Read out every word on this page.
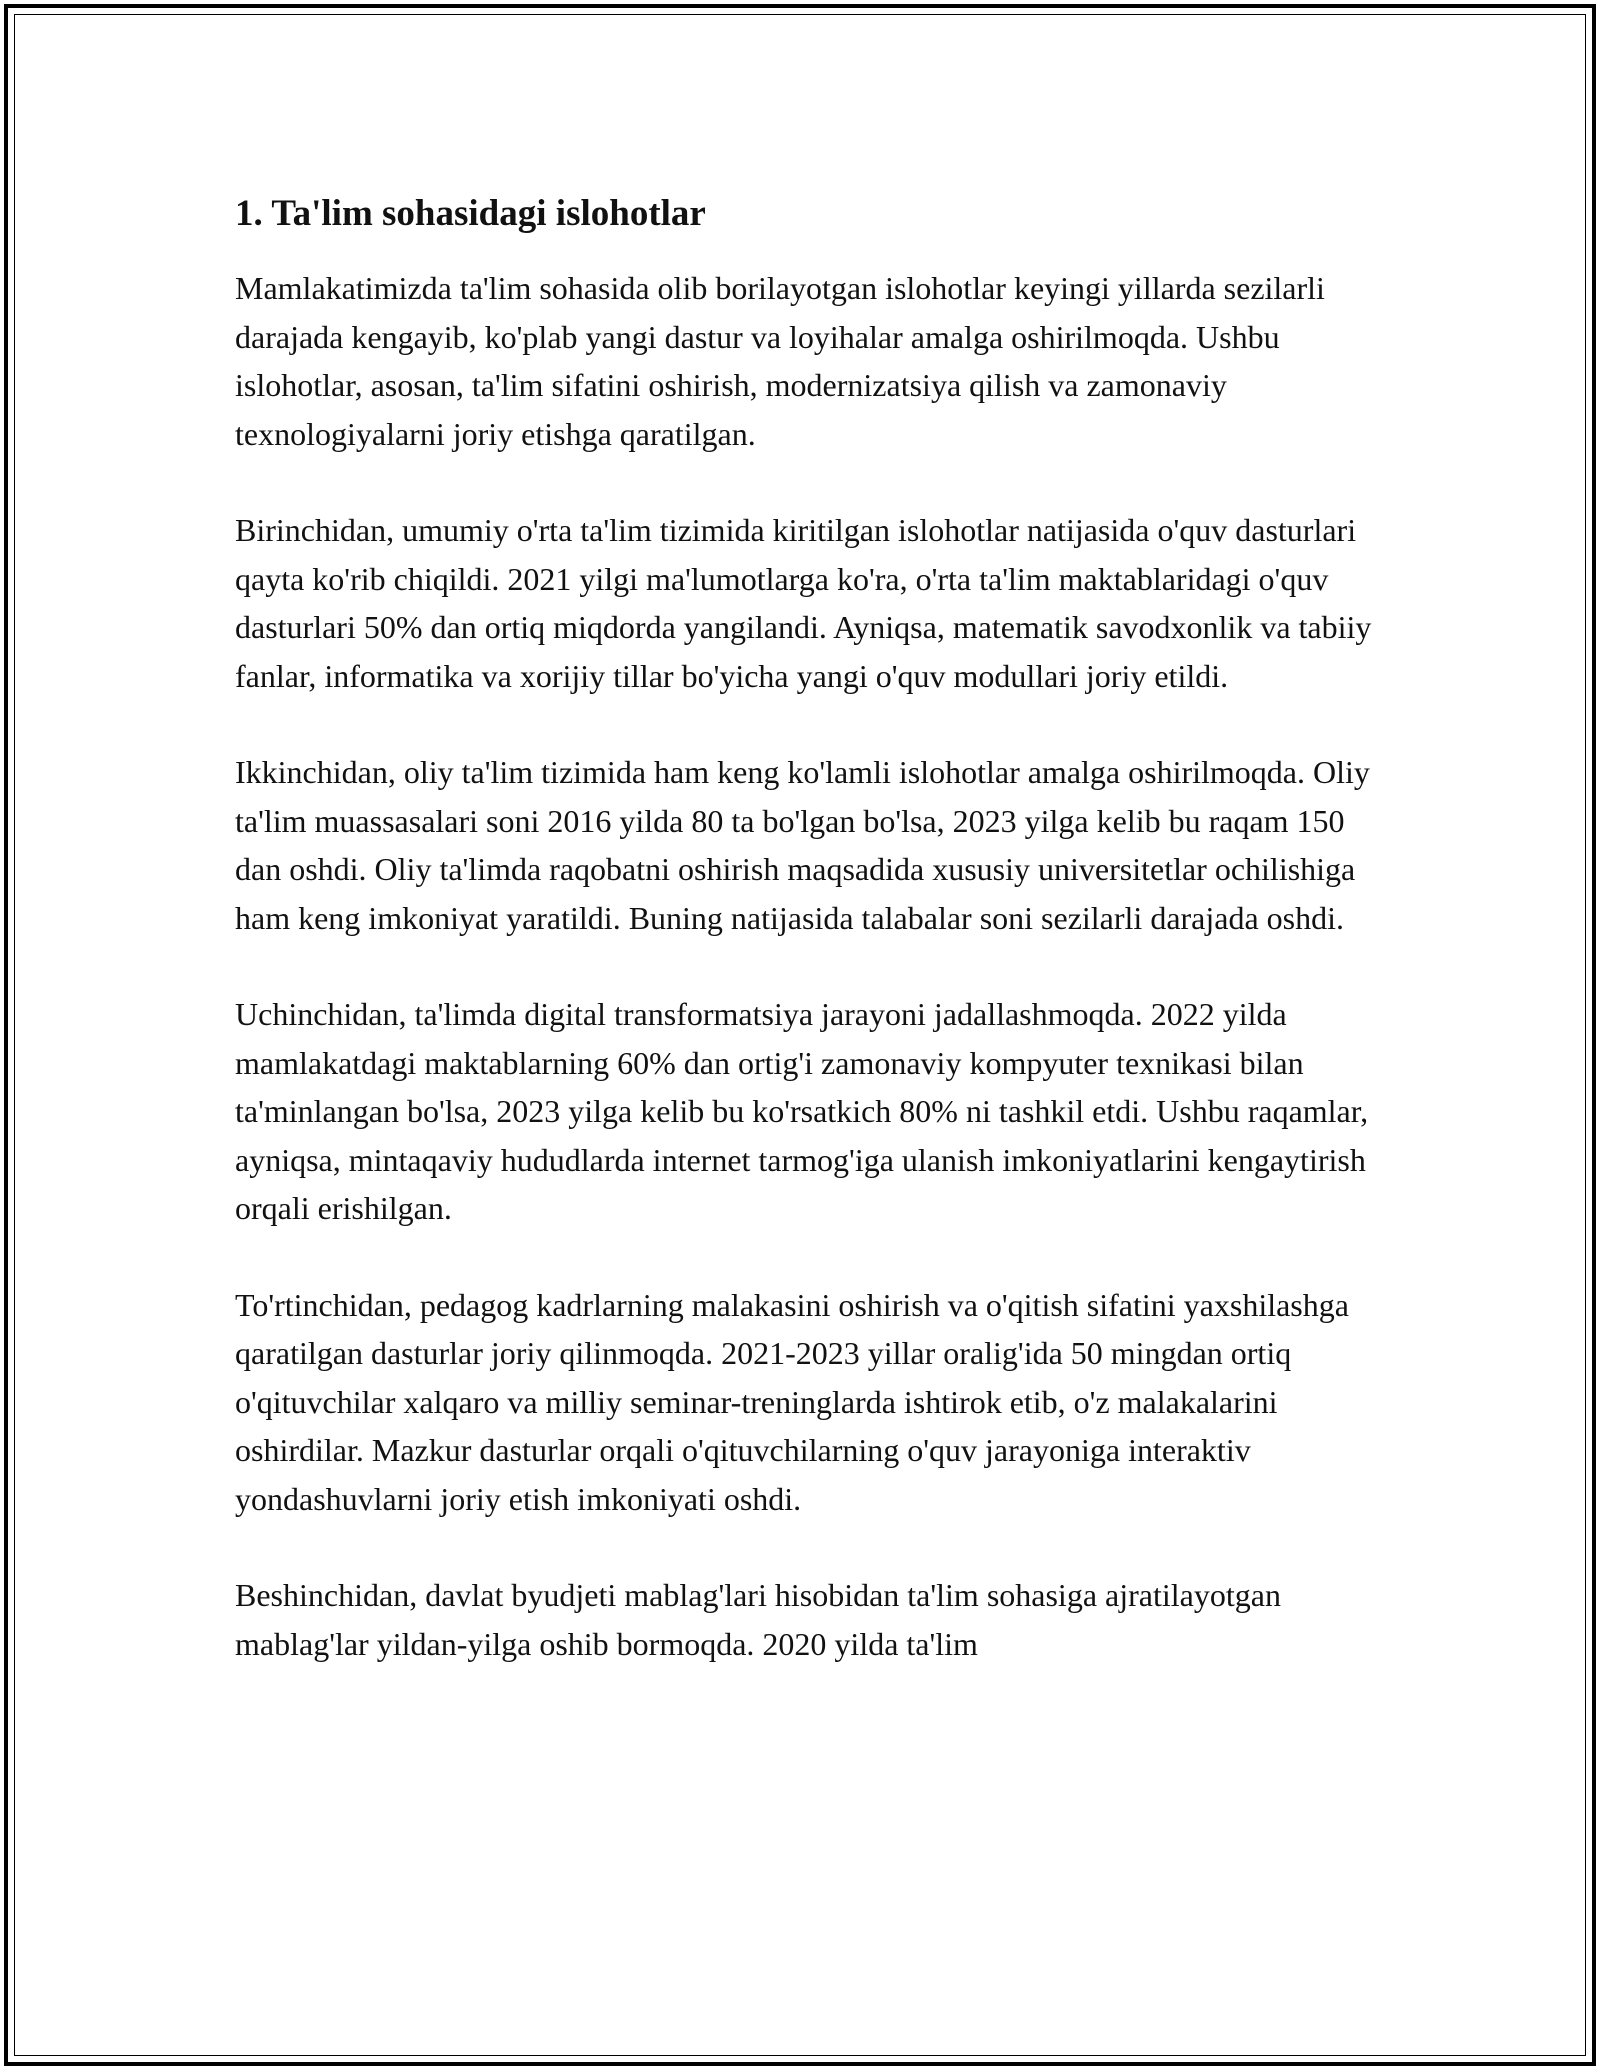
1. Ta'lim sohasidagi islohotlar

Mamlakatimizda ta'lim sohasida olib borilayotgan islohotlar keyingi yillarda sezilarli darajada kengayib, ko'plab yangi dastur va loyihalar amalga oshirilmoqda. Ushbu islohotlar, asosan, ta'lim sifatini oshirish, modernizatsiya qilish va zamonaviy texnologiyalarni joriy etishga qaratilgan.

Birinchidan, umumiy o'rta ta'lim tizimida kiritilgan islohotlar natijasida o'quv dasturlari qayta ko'rib chiqildi. 2021 yilgi ma'lumotlarga ko'ra, o'rta ta'lim maktablaridagi o'quv dasturlari 50% dan ortiq miqdorda yangilandi. Ayniqsa, matematik savodxonlik va tabiiy fanlar, informatika va xorijiy tillar bo'yicha yangi o'quv modullari joriy etildi.

Ikkinchidan, oliy ta'lim tizimida ham keng ko'lamli islohotlar amalga oshirilmoqda. Oliy ta'lim muassasalari soni 2016 yilda 80 ta bo'lgan bo'lsa, 2023 yilga kelib bu raqam 150 dan oshdi. Oliy ta'limda raqobatni oshirish maqsadida xususiy universitetlar ochilishiga ham keng imkoniyat yaratildi. Buning natijasida talabalar soni sezilarli darajada oshdi.

Uchinchidan, ta'limda digital transformatsiya jarayoni jadallashmoqda. 2022 yilda mamlakatdagi maktablarning 60% dan ortig'i zamonaviy kompyuter texnikasi bilan ta'minlangan bo'lsa, 2023 yilga kelib bu ko'rsatkich 80% ni tashkil etdi. Ushbu raqamlar, ayniqsa, mintaqaviy hududlarda internet tarmog'iga ulanish imkoniyatlarini kengaytirish orqali erishilgan.

To'rtinchidan, pedagog kadrlarning malakasini oshirish va o'qitish sifatini yaxshilashga qaratilgan dasturlar joriy qilinmoqda. 2021-2023 yillar oralig'ida 50 mingdan ortiq o'qituvchilar xalqaro va milliy seminar-treninglarda ishtirok etib, o'z malakalarini oshirdilar. Mazkur dasturlar orqali o'qituvchilarning o'quv jarayoniga interaktiv yondashuvlarni joriy etish imkoniyati oshdi.

Beshinchidan, davlat byudjeti mablag'lari hisobidan ta'lim sohasiga ajratilayotgan mablag'lar yildan-yilga oshib bormoqda. 2020 yilda ta'lim
